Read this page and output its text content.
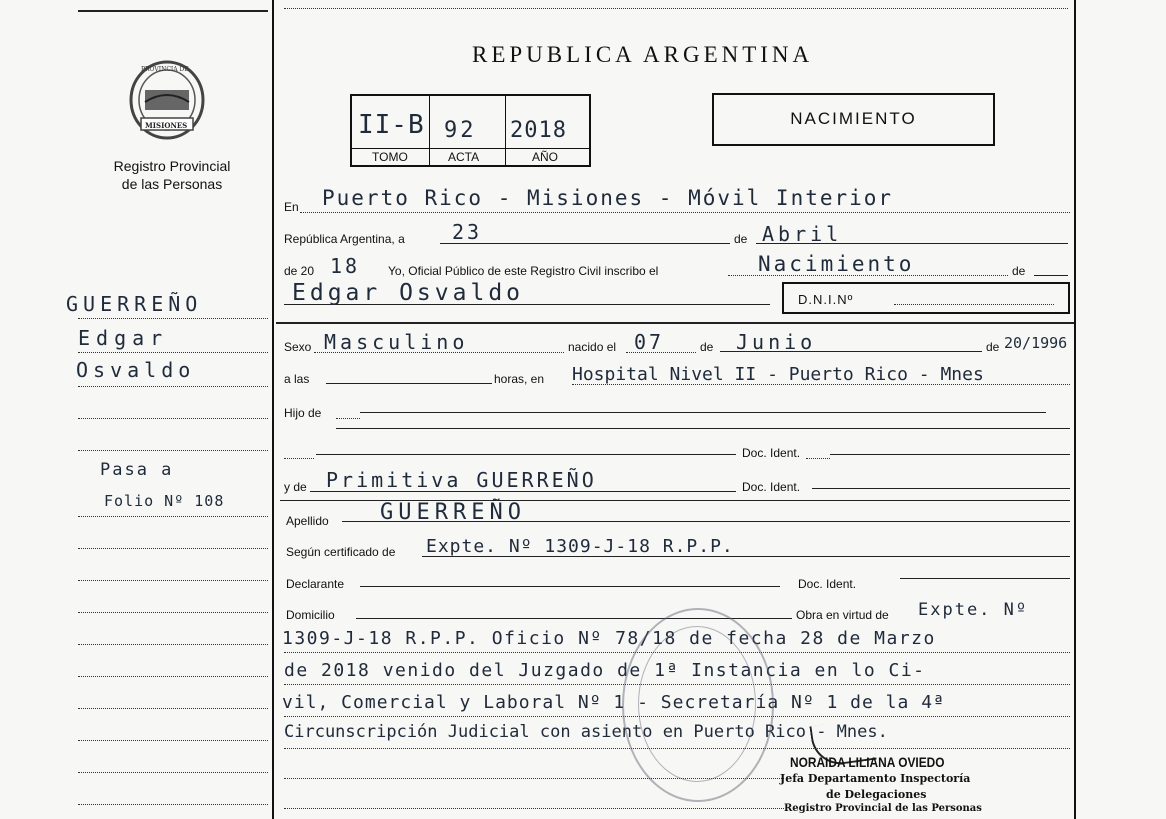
PROVINCIA DE
MISIONES
Registro Provincial
de las Personas
GUERREÑO
Edgar
Osvaldo
Pasa a
Folio Nº 108
REPUBLICA ARGENTINA
II-B 92 2018
TOMO	ACTA	AÑO
NACIMIENTO
En Puerto Rico - Misiones - Móvil Interior
República Argentina, a 23	de Abril
de 20 18 Yo, Oficial Público de este Registro Civil inscribo el	Nacimiento	de
Edgar Osvaldo	D.N.I.Nº
Sexo Masculino	nacido el 07	de Junio	de 20/1996
a las	horas, en Hospital Nivel II - Puerto Rico - Mnes
Hijo de
Doc. Ident.
y de Primitiva GUERREÑO	Doc. Ident.
Apellido GUERREÑO
Según certificado de Expte. Nº 1309-J-18 R.P.P.
Declarante	Doc. Ident.
Domicilio	Obra en virtud de Expte. Nº
1309-J-18 R.P.P. Oficio Nº 78/18 de fecha 28 de Marzo
de 2018 venido del Juzgado de 1ª Instancia en lo Ci-
vil, Comercial y Laboral Nº 1 - Secretaría Nº 1 de la 4ª
Circunscripción Judicial con asiento en Puerto Rico - Mnes.
NORAIDA LILIANA OVIEDO
Jefa Departamento Inspectoría
de Delegaciones
Registro Provincial de las Personas
